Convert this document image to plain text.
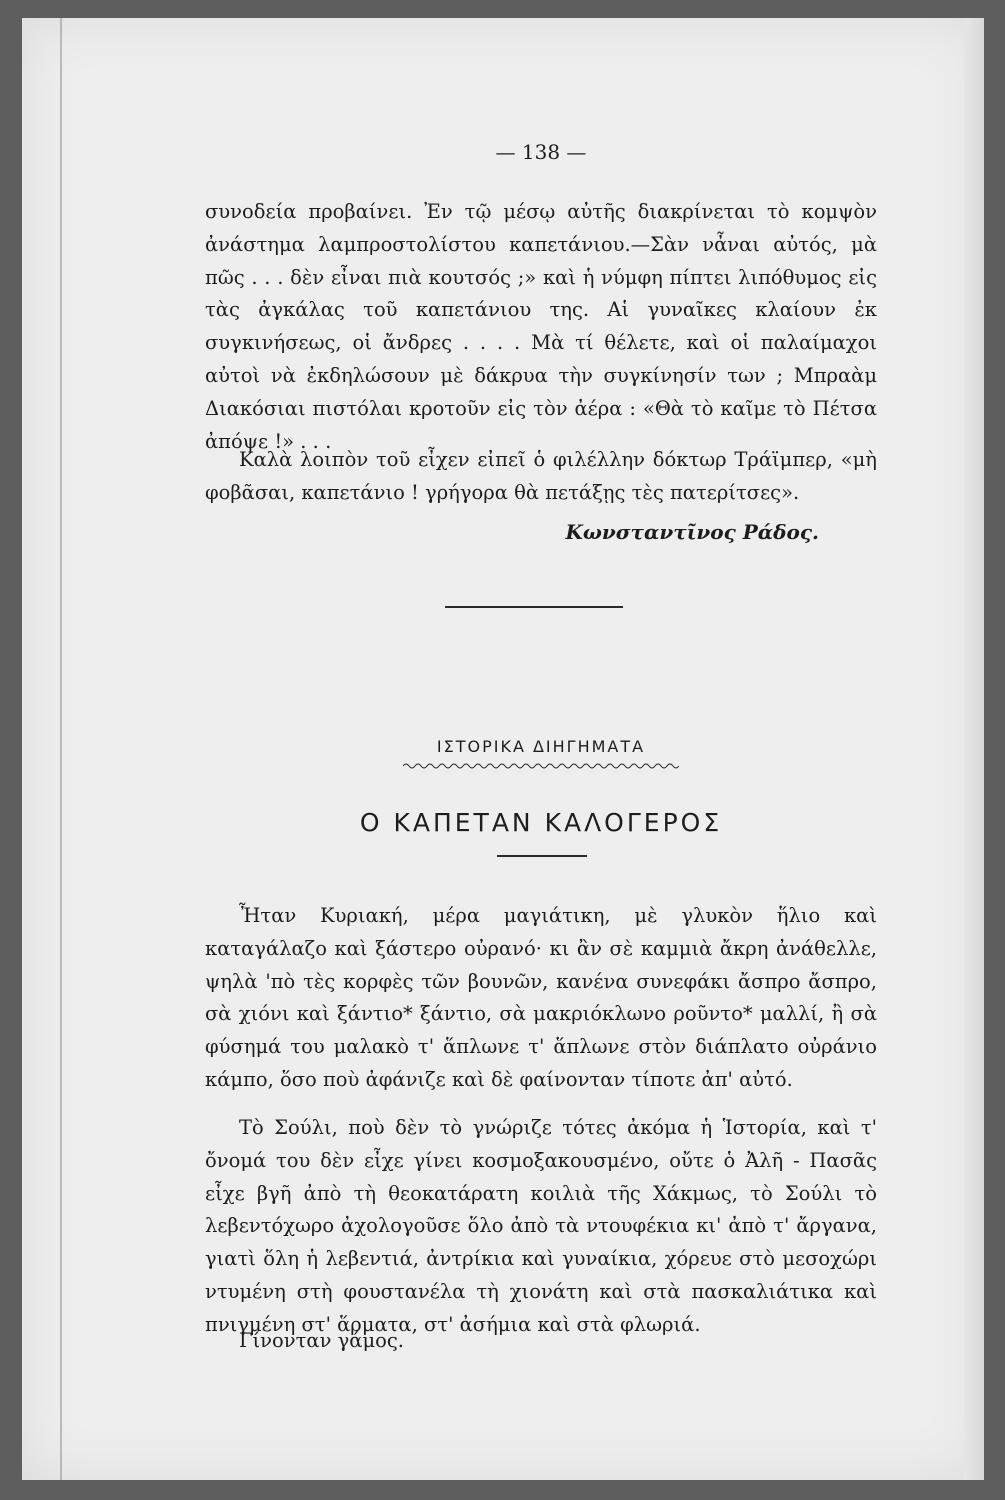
— 138 —

συνοδεία προβαίνει. Ἐν τῷ μέσῳ αὐτῆς διακρίνεται τὸ κομψὸν ἀνάστημα λαμπροστολίστου καπετάνιου.—Σὰν νἆναι αὐτός, μὰ πῶς . . . δὲν εἶναι πιὰ κουτσός ;» καὶ ἡ νύμφη πίπτει λιπόθυμος εἰς τὰς ἀγκάλας τοῦ καπετάνιου της. Αἱ γυναῖκες κλαίουν ἐκ συγκινήσεως, οἱ ἄνδρες . . . . Μὰ τί θέλετε, καὶ οἱ παλαίμαχοι αὐτοὶ νὰ ἐκδηλώσουν μὲ δάκρυα τὴν συγκίνησίν των ; Μπραὰμ Διακόσιαι πιστόλαι κροτοῦν εἰς τὸν ἀέρα : «Θὰ τὸ καῖμε τὸ Πέτσα ἀπόψε !» . . .

Καλὰ λοιπὸν τοῦ εἶχεν εἰπεῖ ὁ φιλέλλην δόκτωρ Τράϊμπερ, «μὴ φοβᾶσαι, καπετάνιο ! γρήγορα θὰ πετάξῃς τὲς πατερίτσες».

Κωνσταντῖνος Ράδος.
ΙΣΤΟΡΙΚΑ ΔΙΗΓΗΜΑΤΑ
Ο ΚΑΠΕΤΑΝ ΚΑΛΟΓΕΡΟΣ

Ἦταν Κυριακή, μέρα μαγιάτικη, μὲ γλυκὸν ἥλιο καὶ καταγάλαζο καὶ ξάστερο οὐρανό· κι ἂν σὲ καμμιὰ ἄκρη ἀνάθελλε, ψηλὰ 'πὸ τὲς κορφὲς τῶν βουνῶν, κανένα συνεφάκι ἄσπρο ἄσπρο, σὰ χιόνι καὶ ξάντιο* ξάντιο, σὰ μακριόκλωνο ροῦντο* μαλλί, ἢ σὰ φύσημά του μαλακὸ τ' ἅπλωνε τ' ἅπλωνε στὸν διάπλατο οὐράνιο κάμπο, ὅσο ποὺ ἀφάνιζε καὶ δὲ φαίνονταν τίποτε ἀπ' αὐτό.

Τὸ Σούλι, ποὺ δὲν τὸ γνώριζε τότες ἀκόμα ἡ Ἱστορία, καὶ τ' ὄνομά του δὲν εἶχε γίνει κοσμοξακουσμένο, οὔτε ὁ Ἀλῆ - Πασᾶς εἶχε βγῆ ἀπὸ τὴ θεοκατάρατη κοιλιὰ τῆς Χάκμως, τὸ Σούλι τὸ λεβεντόχωρο ἀχολογοῦσε ὅλο ἀπὸ τὰ ντουφέκια κι' ἀπὸ τ' ἄργανα, γιατὶ ὅλη ἡ λεβεντιά, ἀντρίκια καὶ γυναίκια, χόρευε στὸ μεσοχώρι ντυμένη στὴ φουστανέλα τὴ χιονάτη καὶ στὰ πασκαλιάτικα καὶ πνιγμένη στ' ἅρματα, στ' ἀσήμια καὶ στὰ φλωριά.

Γίνονταν γάμος.
